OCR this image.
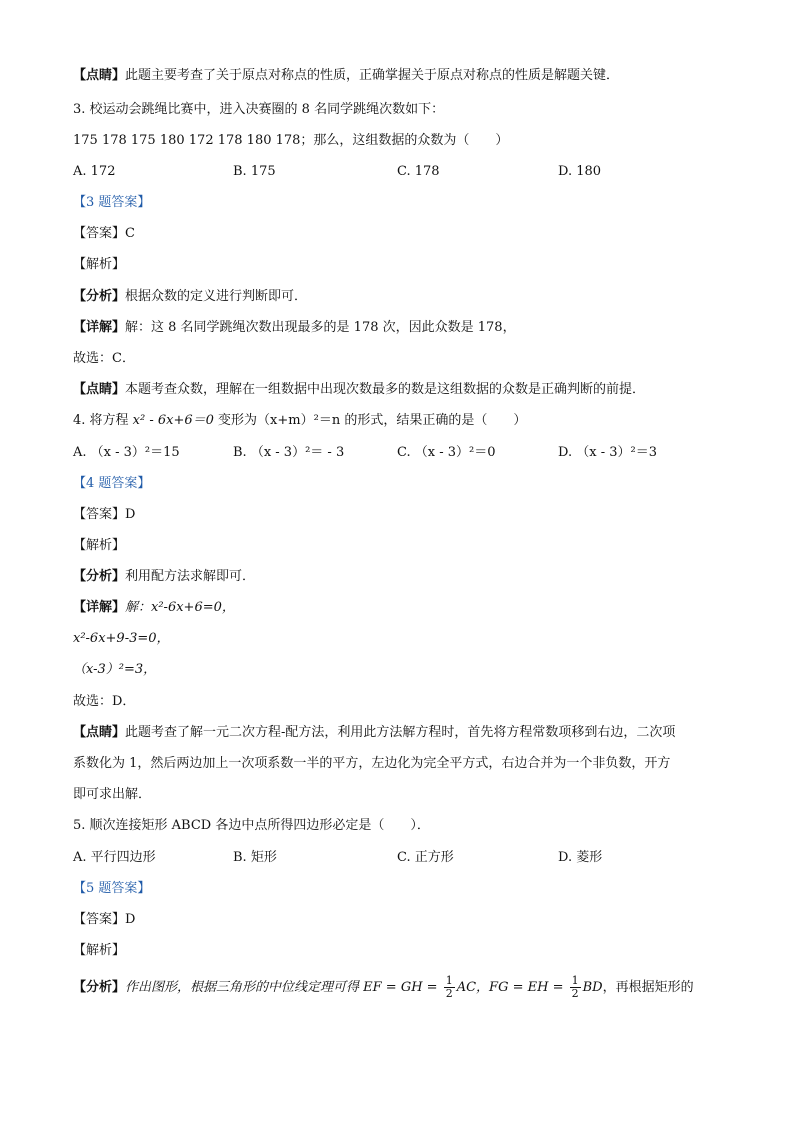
【点睛】此题主要考查了关于原点对称点的性质，正确掌握关于原点对称点的性质是解题关键．
3. 校运动会跳绳比赛中，进入决赛圈的 8 名同学跳绳次数如下：
175 178 175 180 172 178 180 178；那么，这组数据的众数为（　　）
A. 172	B. 175	C. 178	D. 180
【3 题答案】
【答案】C
【解析】
【分析】根据众数的定义进行判断即可．
【详解】解：这 8 名同学跳绳次数出现最多的是 178 次，因此众数是 178，
故选：C．
【点睛】本题考查众数，理解在一组数据中出现次数最多的数是这组数据的众数是正确判断的前提．
4. 将方程 x² - 6x+6＝0 变形为（x+m）²＝n 的形式，结果正确的是（　　）
A. （x - 3）²＝15	B. （x - 3）²＝ - 3	C. （x - 3）²＝0	D. （x - 3）²＝3
【4 题答案】
【答案】D
【解析】
【分析】利用配方法求解即可．
【详解】解：x²-6x+6=0，
x²-6x+9-3=0，
（x-3）²=3，
故选：D．
【点睛】此题考查了解一元二次方程-配方法，利用此方法解方程时，首先将方程常数项移到右边，二次项
系数化为 1，然后两边加上一次项系数一半的平方，左边化为完全平方式，右边合并为一个非负数，开方
即可求出解．
5. 顺次连接矩形 ABCD 各边中点所得四边形必定是（　　）．
A. 平行四边形	B. 矩形	C. 正方形	D. 菱形
【5 题答案】
【答案】D
【解析】
【分析】作出图形，根据三角形的中位线定理可得 EF = GH = $\frac{1}{2}$ AC，FG = EH = $\frac{1}{2}$ BD，再根据矩形的
